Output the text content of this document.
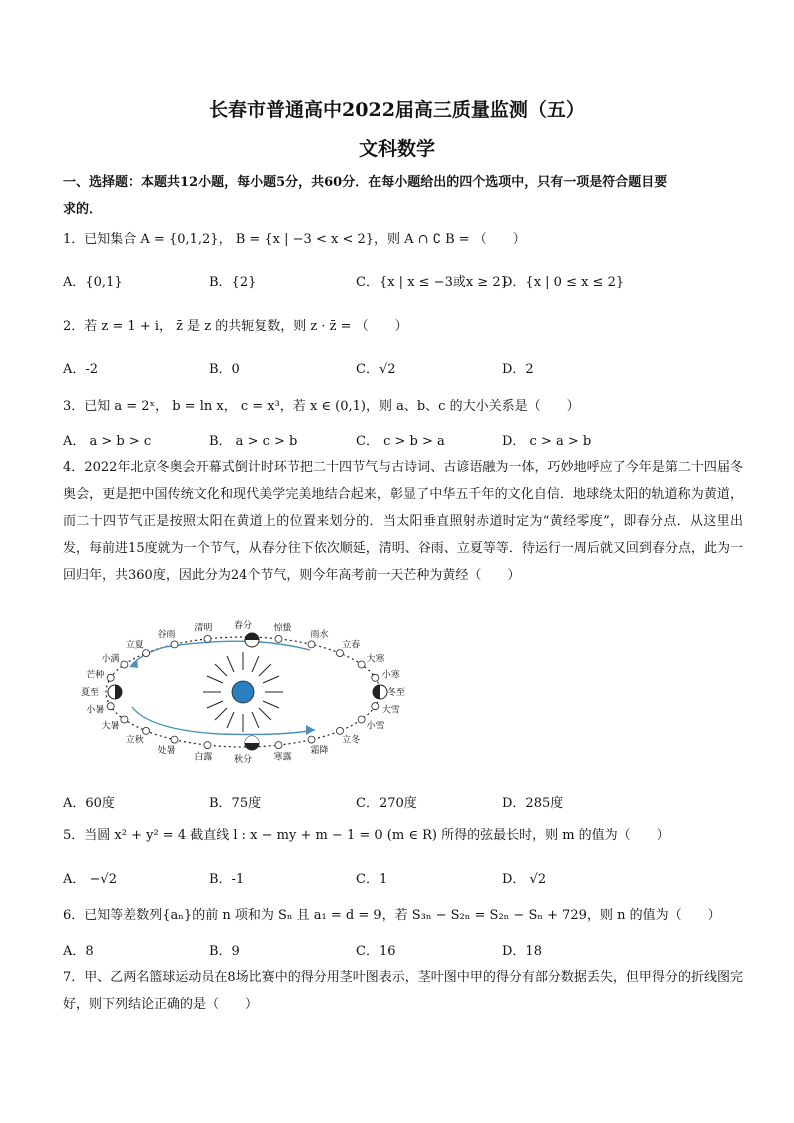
长春市普通高中2022届高三质量监测（五）
文科数学
一、选择题：本题共12小题，每小题5分，共60分．在每小题给出的四个选项中，只有一项是符合题目要
求的．
1．已知集合 A = {0,1,2}， B = {x | −3 < x < 2}，则 A ∩ ∁ B = （　　）
A．{0,1}	B．{2}	C．{x | x ≤ −3或x ≥ 2}
D．{x | 0 ≤ x ≤ 2}
2．若 z = 1 + i， z̄ 是 z 的共轭复数，则 z · z̄ = （　　）
A．-2	B．0	C．√2	D．2
3．已知 a = 2ˣ， b = ln x， c = x³，若 x ∈ (0,1)，则 a、b、c 的大小关系是（　　）
A． a > b > c	B． a > c > b	C． c > b > a	D． c > a > b
4．2022年北京冬奥会开幕式倒计时环节把二十四节气与古诗词、古谚语融为一体，巧妙地呼应了今年是第二十四届冬奥会，更是把中国传统文化和现代美学完美地结合起来，彰显了中华五千年的文化自信．地球绕太阳的轨道称为黄道，而二十四节气正是按照太阳在黄道上的位置来划分的．当太阳垂直照射赤道时定为“黄经零度”，即春分点．从这里出发，每前进15度就为一个节气，从春分往下依次顺延，清明、谷雨、立夏等等．待运行一周后就又回到春分点，此为一回归年，共360度，因此分为24个节气，则今年高考前一天芒种为黄经（　　）
春分 惊蛰
雨水
立春
大寒
小寒
冬至
大雪
小雪
立冬
霜降
寒露
秋分
白露
处暑
立秋
大暑
小暑
夏至
芒种
小满
立夏
谷雨
清明
A．60度	B．75度	C．270度	D．285度
5．当圆 x² + y² = 4 截直线 l : x − my + m − 1 = 0 (m ∈ R) 所得的弦最长时，则 m 的值为（　　）
A． −√2	B．-1	C．1	D． √2
6．已知等差数列{aₙ}的前 n 项和为 Sₙ 且 a₁ = d = 9，若 S₃ₙ − S₂ₙ = S₂ₙ − Sₙ + 729，则 n 的值为（　　）
A．8	B．9	C．16	D．18
7．甲、乙两名篮球运动员在8场比赛中的得分用茎叶图表示，茎叶图中甲的得分有部分数据丢失，但甲得分的折线图完好，则下列结论正确的是（　　）
